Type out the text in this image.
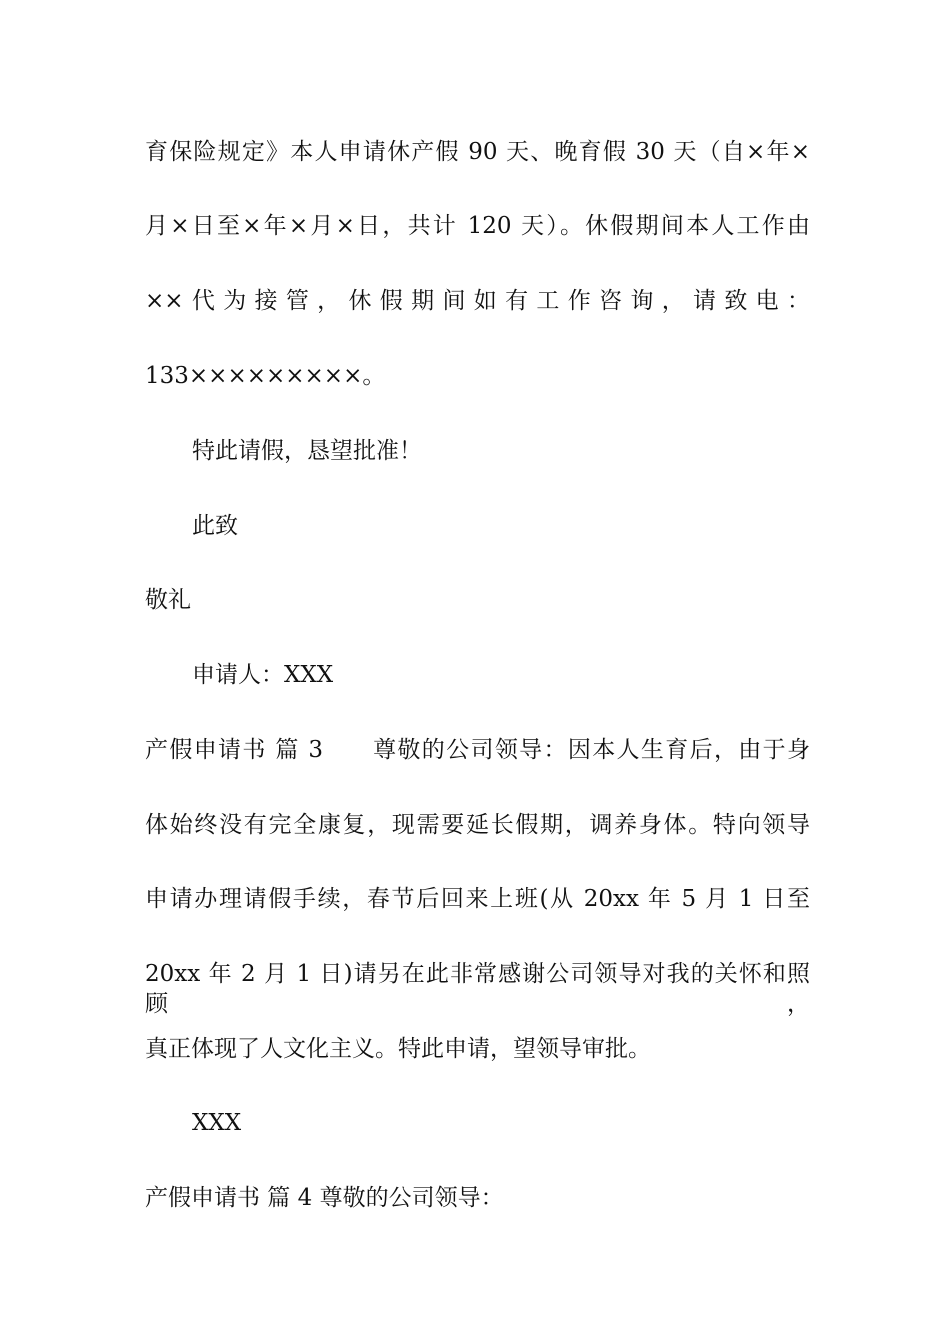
育保险规定》本人申请休产假 90 天、晚育假 30 天（自×年×
月×日至×年×月×日，共计 120 天）。休假期间本人工作由
××代为接管，休假期间如有工作咨询，请致电：
133×××××××××。
特此请假，恳望批准！
此致
敬礼
申请人：XXX
产假申请书 篇 3　　尊敬的公司领导：因本人生育后，由于身
体始终没有完全康复，现需要延长假期，调养身体。特向领导
申请办理请假手续，春节后回来上班(从 20xx 年 5 月 1 日至
20xx 年 2 月 1 日)请另在此非常感谢公司领导对我的关怀和照顾，
真正体现了人文化主义。特此申请，望领导审批。
XXX
产假申请书 篇 4 尊敬的公司领导：
